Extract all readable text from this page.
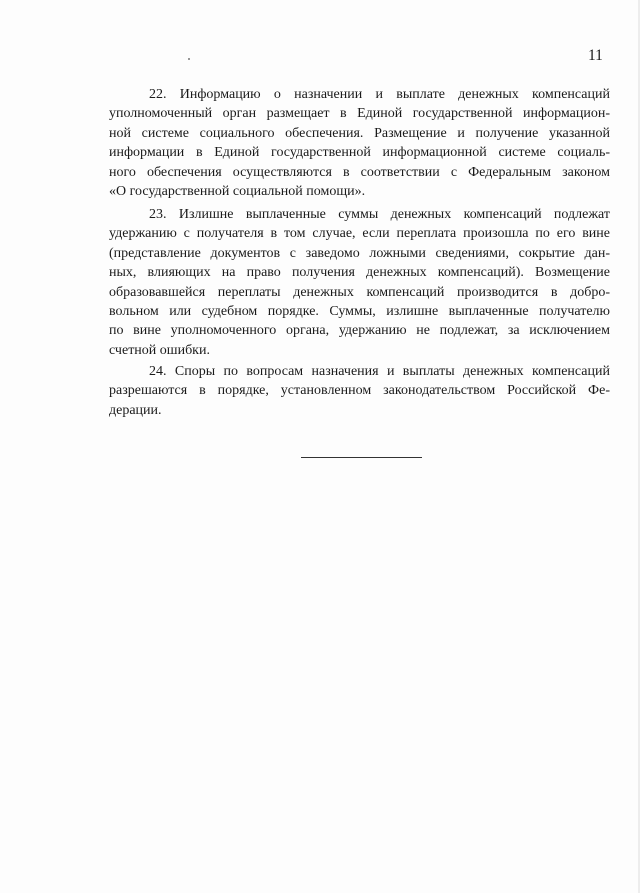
11
22. Информацию о назначении и выплате денежных компенсаций
уполномоченный орган размещает в Единой государственной информацион-
ной системе социального обеспечения. Размещение и получение указанной
информации в Единой государственной информационной системе социаль-
ного обеспечения осуществляются в соответствии с Федеральным законом
«О государственной социальной помощи».
23. Излишне выплаченные суммы денежных компенсаций подлежат
удержанию с получателя в том случае, если переплата произошла по его вине
(представление документов с заведомо ложными сведениями, сокрытие дан-
ных, влияющих на право получения денежных компенсаций). Возмещение
образовавшейся переплаты денежных компенсаций производится в добро-
вольном или судебном порядке. Суммы, излишне выплаченные получателю
по вине уполномоченного органа, удержанию не подлежат, за исключением
счетной ошибки.
24. Споры по вопросам назначения и выплаты денежных компенсаций
разрешаются в порядке, установленном законодательством Российской Фе-
дерации.
